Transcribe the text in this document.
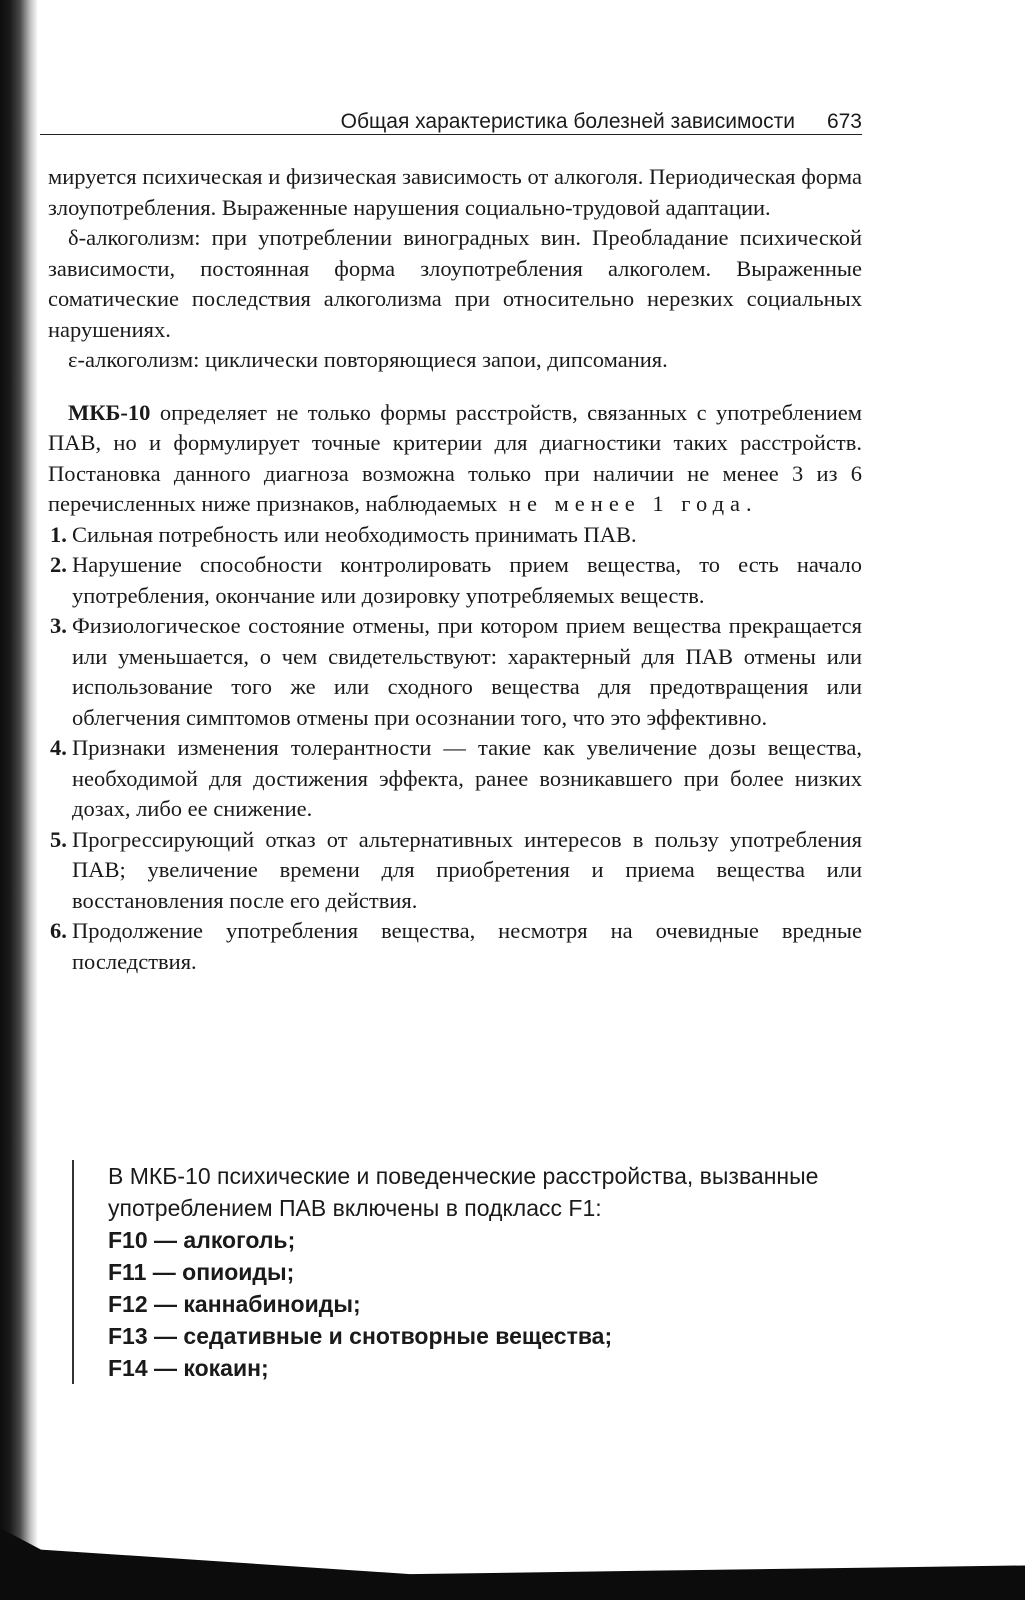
Общая характеристика болезней зависимости 673

мируется психическая и физическая зависимость от алкоголя. Периодическая форма злоупотребления. Выраженные нарушения социально-трудовой адаптации.

δ-алкоголизм: при употреблении виноградных вин. Преобладание психической зависимости, постоянная форма злоупотребления алкоголем. Выраженные соматические последствия алкоголизма при относительно нерезких социальных нарушениях.

ε-алкоголизм: циклически повторяющиеся запои, дипсомания.

МКБ-10 определяет не только формы расстройств, связанных с употреблением ПАВ, но и формулирует точные критерии для диагностики таких расстройств. Постановка данного диагноза возможна только при наличии не менее 3 из 6 перечисленных ниже признаков, наблюдаемых не менее 1 года.

1. Сильная потребность или необходимость принимать ПАВ.
2. Нарушение способности контролировать прием вещества, то есть начало употребления, окончание или дозировку употребляемых веществ.
3. Физиологическое состояние отмены, при котором прием вещества прекращается или уменьшается, о чем свидетельствуют: характерный для ПАВ отмены или использование того же или сходного вещества для предотвращения или облегчения симптомов отмены при осознании того, что это эффективно.
4. Признаки изменения толерантности — такие как увеличение дозы вещества, необходимой для достижения эффекта, ранее возникавшего при более низких дозах, либо ее снижение.
5. Прогрессирующий отказ от альтернативных интересов в пользу употребления ПАВ; увеличение времени для приобретения и приема вещества или восстановления после его действия.
6. Продолжение употребления вещества, несмотря на очевидные вредные последствия.

В МКБ-10 психические и поведенческие расстройства, вызванные употреблением ПАВ включены в подкласс F1:

F10 — алкоголь;

F11 — опиоиды;

F12 — каннабиноиды;

F13 — седативные и снотворные вещества;

F14 — кокаин;
